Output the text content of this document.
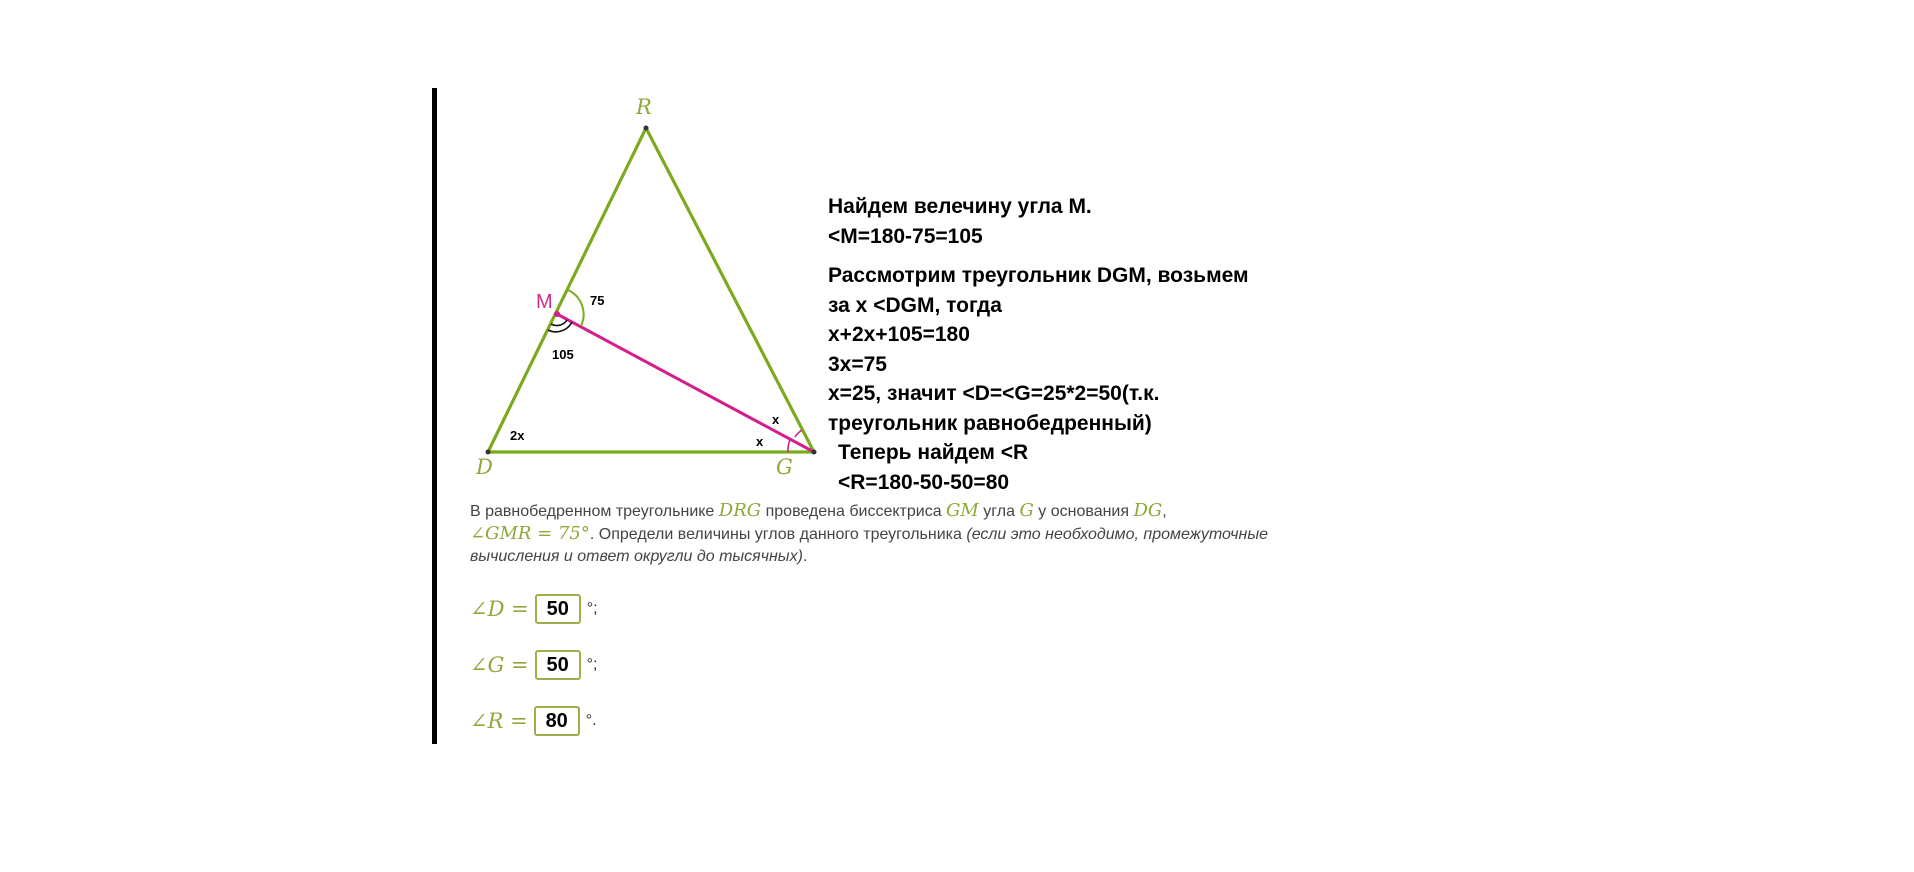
R
D	G
M	75
105
2x
x
x
Найдем велечину угла М.
<M=180-75=105
Рассмотрим треугольник DGM, возьмем
за x <DGM, тогда
x+2x+105=180
3x=75
x=25, значит <D=<G=25*2=50(т.к.
треугольник равнобедренный)
Теперь найдем <R
<R=180-50-50=80
В равнобедренном треугольнике DRG проведена биссектриса GM угла G у основания DG,
∠GMR = 75°. Определи величины углов данного треугольника (если это необходимо, промежуточные вычисления и ответ округли до тысячных).
∠D = 50	°;
∠G = 50	°;
∠R = 80	°.
